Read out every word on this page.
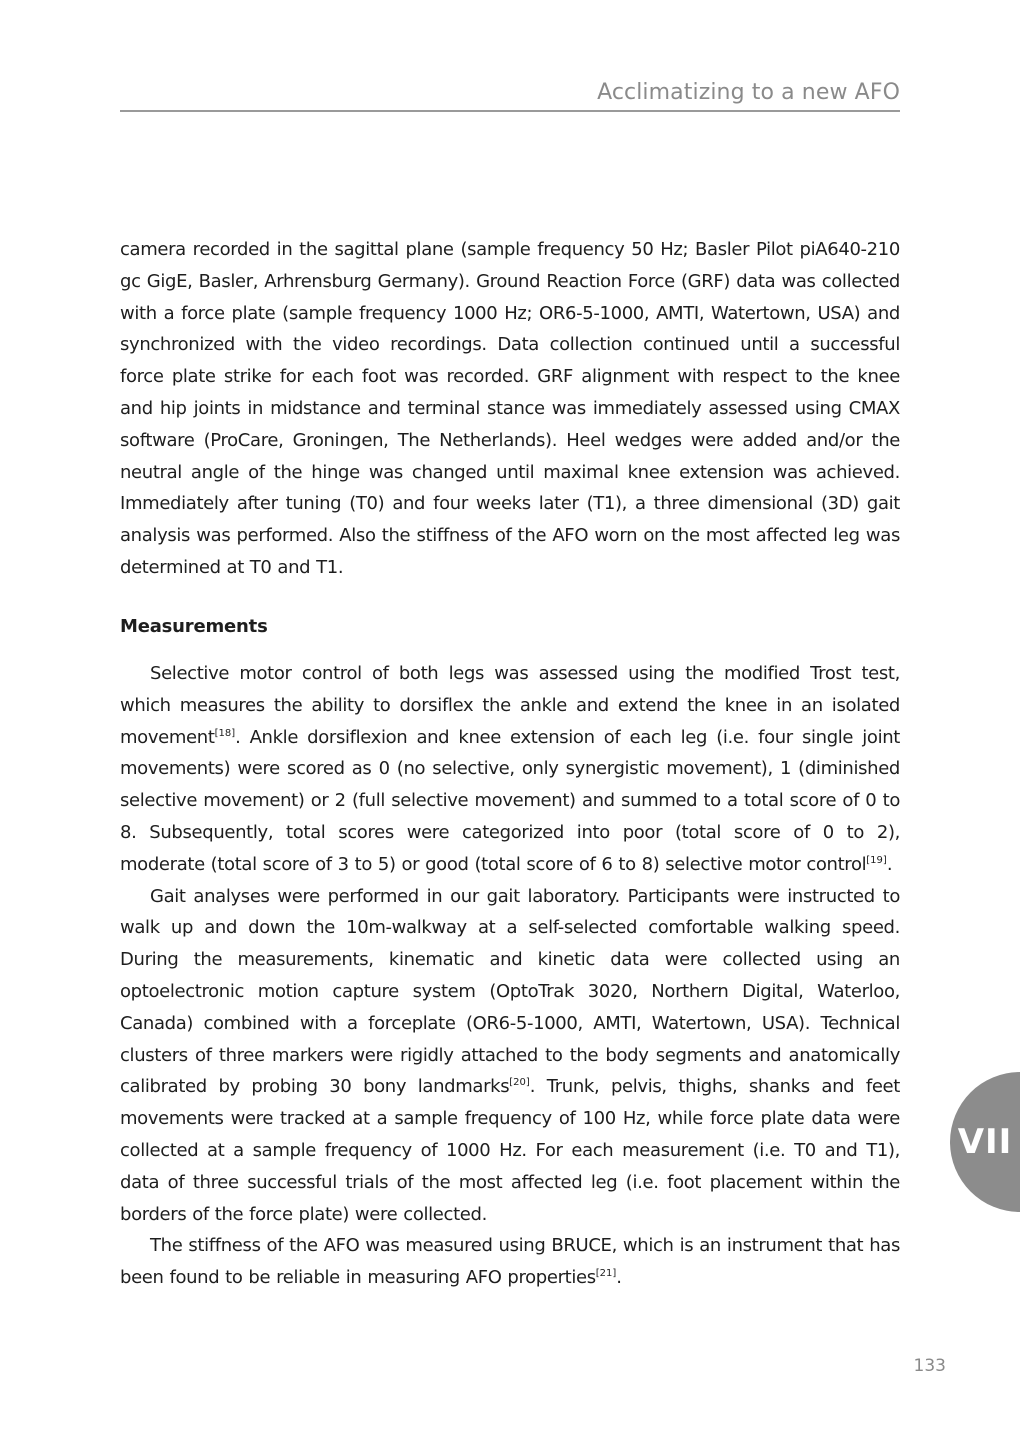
Acclimatizing to a new AFO

camera recorded in the sagittal plane (sample frequency 50 Hz; Basler Pilot piA640-210 gc GigE, Basler, Arhrensburg Germany). Ground Reaction Force (GRF) data was collected with a force plate (sample frequency 1000 Hz; OR6-5-1000, AMTI, Watertown, USA) and synchronized with the video recordings. Data collection continued until a successful force plate strike for each foot was recorded. GRF alignment with respect to the knee and hip joints in midstance and terminal stance was immediately assessed using CMAX software (ProCare, Groningen, The Netherlands). Heel wedges were added and/or the neutral angle of the hinge was changed until maximal knee extension was achieved. Immediately after tuning (T0) and four weeks later (T1), a three dimensional (3D) gait analysis was performed. Also the stiffness of the AFO worn on the most affected leg was determined at T0 and T1.

Measurements

Selective motor control of both legs was assessed using the modified Trost test, which measures the ability to dorsiflex the ankle and extend the knee in an isolated movement[18]. Ankle dorsiflexion and knee extension of each leg (i.e. four single joint movements) were scored as 0 (no selective, only synergistic movement), 1 (diminished selective movement) or 2 (full selective movement) and summed to a total score of 0 to 8. Subsequently, total scores were categorized into poor (total score of 0 to 2), moderate (total score of 3 to 5) or good (total score of 6 to 8) selective motor control[19].

Gait analyses were performed in our gait laboratory. Participants were instructed to walk up and down the 10m-walkway at a self-selected comfortable walking speed. During the measurements, kinematic and kinetic data were collected using an optoelectronic motion capture system (OptoTrak 3020, Northern Digital, Waterloo, Canada) combined with a forceplate (OR6-5-1000, AMTI, Watertown, USA). Technical clusters of three markers were rigidly attached to the body segments and anatomically calibrated by probing 30 bony landmarks[20]. Trunk, pelvis, thighs, shanks and feet movements were tracked at a sample frequency of 100 Hz, while force plate data were collected at a sample frequency of 1000 Hz. For each measurement (i.e. T0 and T1), data of three successful trials of the most affected leg (i.e. foot placement within the borders of the force plate) were collected.

The stiffness of the AFO was measured using BRUCE, which is an instrument that has been found to be reliable in measuring AFO properties[21].

VII
133
